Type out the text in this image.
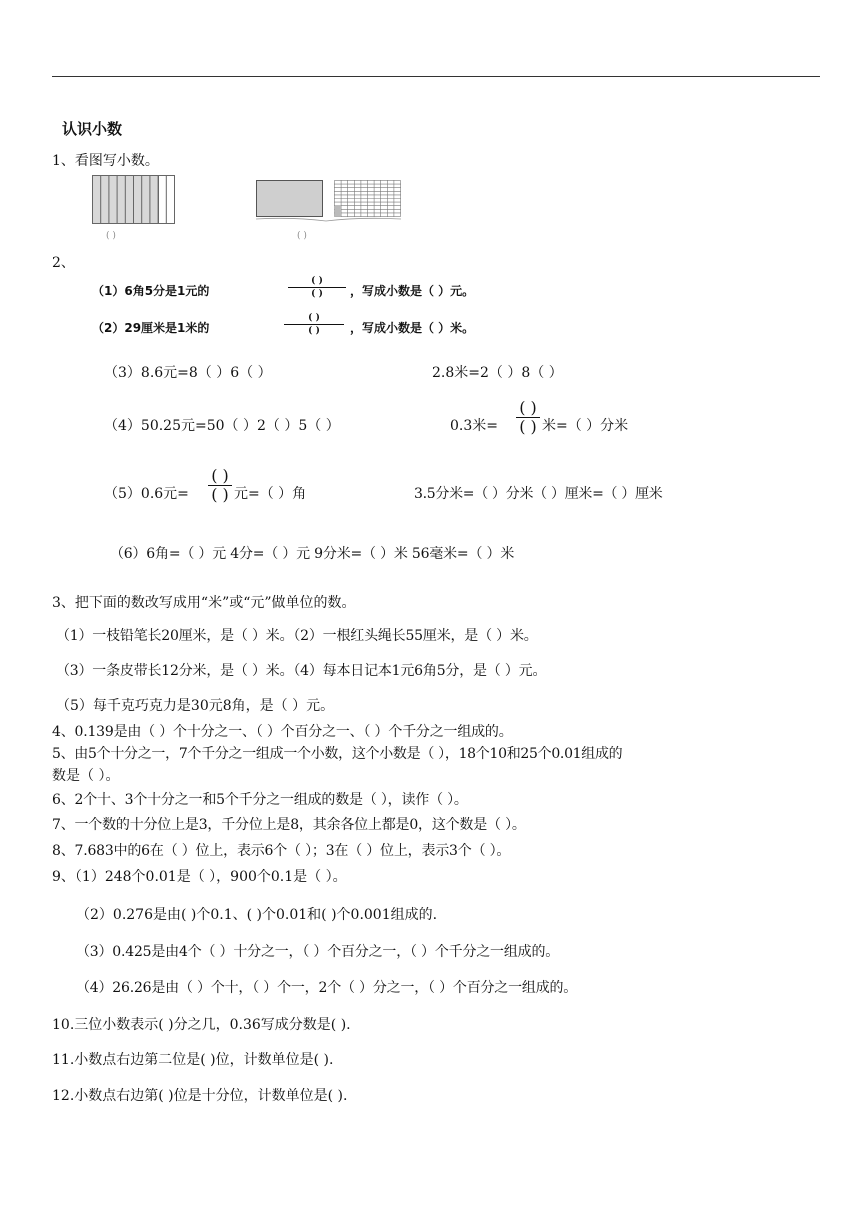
认识小数
1、看图写小数。
( )	( )
2、
（1）6角5分是1元的
( )
( )	，写成小数是（ ）元。
（2）29厘米是1米的
( )
( )	，写成小数是（ ）米。
（3）8.6元=8（ ）6（ ）	2.8米=2（ ）8（ ）
（4）50.25元=50（ ）2（ ）5（ ）	0.3米=
( )
( ) 米=（ ）分米
（5）0.6元=
( )
( ) 元=（ ）角	3.5分米=（ ）分米（ ）厘米=（ ）厘米
（6）6角=（ ）元 4分=（ ）元 9分米=（ ）米 56毫米=（ ）米
3、把下面的数改写成用“米”或“元”做单位的数。
（1）一枝铅笔长20厘米，是（ ）米。（2）一根红头绳长55厘米，是（ ）米。
（3）一条皮带长12分米，是（ ）米。（4）每本日记本1元6角5分，是（ ）元。
（5）每千克巧克力是30元8角，是（ ）元。
4、0.139是由（ ）个十分之一、（ ）个百分之一、（ ）个千分之一组成的。
5、由5个十分之一，7个千分之一组成一个小数，这个小数是（ ），18个10和25个0.01组成的
数是（ ）。
6、2个十、3个十分之一和5个千分之一组成的数是（ ），读作（ ）。
7、一个数的十分位上是3，千分位上是8，其余各位上都是0，这个数是（ ）。
8、7.683中的6在（ ）位上，表示6个（ ）；3在（ ）位上，表示3个（ ）。
9、（1）248个0.01是（ ），900个0.1是（ ）。
（2）0.276是由( )个0.1、( )个0.01和( )个0.001组成的.
（3）0.425是由4个（ ）十分之一，（ ）个百分之一，（ ）个千分之一组成的。
（4）26.26是由（ ）个十，（ ）个一，2个（ ）分之一，（ ）个百分之一组成的。
10.三位小数表示( )分之几，0.36写成分数是( ).
11.小数点右边第二位是( )位，计数单位是( ).
12.小数点右边第( )位是十分位，计数单位是( ).
